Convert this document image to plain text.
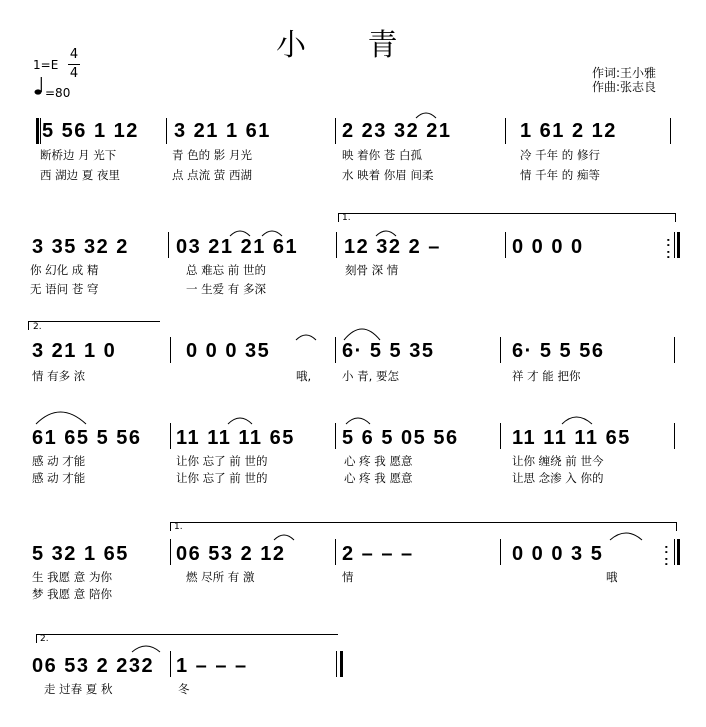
小 青
1=E
4
4
=80
作词:王小雅
作曲:张志良
5 56 1 12 3 21 1 61	2 23 32 21	1 61 2 12
断桥边 月 光下	青 色的 影 月光	映 着你 苍 白孤	冷 千年 的 修行
西 湖边 夏 夜里	点 点流 萤 西湖	水 映着 你眉 间柔	情 千年 的 痴等
1.
3 35 32 2 03 21 21 61 12 32 2 –	0 0 0 0	:

:
你 幻化 成 精	总 难忘 前 世的	刻骨 深 情
无 语问 苍 穹	一 生爱 有 多深
2.
3 21 1 0	0 0 0 35	6· 5 5 35	6· 5 5 56
情 有多 浓	哦,	小 青, 要怎	祥 才 能 把你
61 65 5 56 11 11 11 65 5 6 5 05 56	11 11 11 65
感 动 才能	让你 忘了 前 世的	心 疼 我 愿意	让你 缠绕 前 世今
感 动 才能	让你 忘了 前 世的	心 疼 我 愿意	让思 念渗 入 你的
1.
5 32 1 65 06 53 2 12	2 – – –	0 0 0 3 5	:

:
生 我愿 意 为你	燃 尽所 有 激	情	哦
梦 我愿 意 陪你
2.
06 53 2 232 1 – – –
走 过春 夏 秋	冬
